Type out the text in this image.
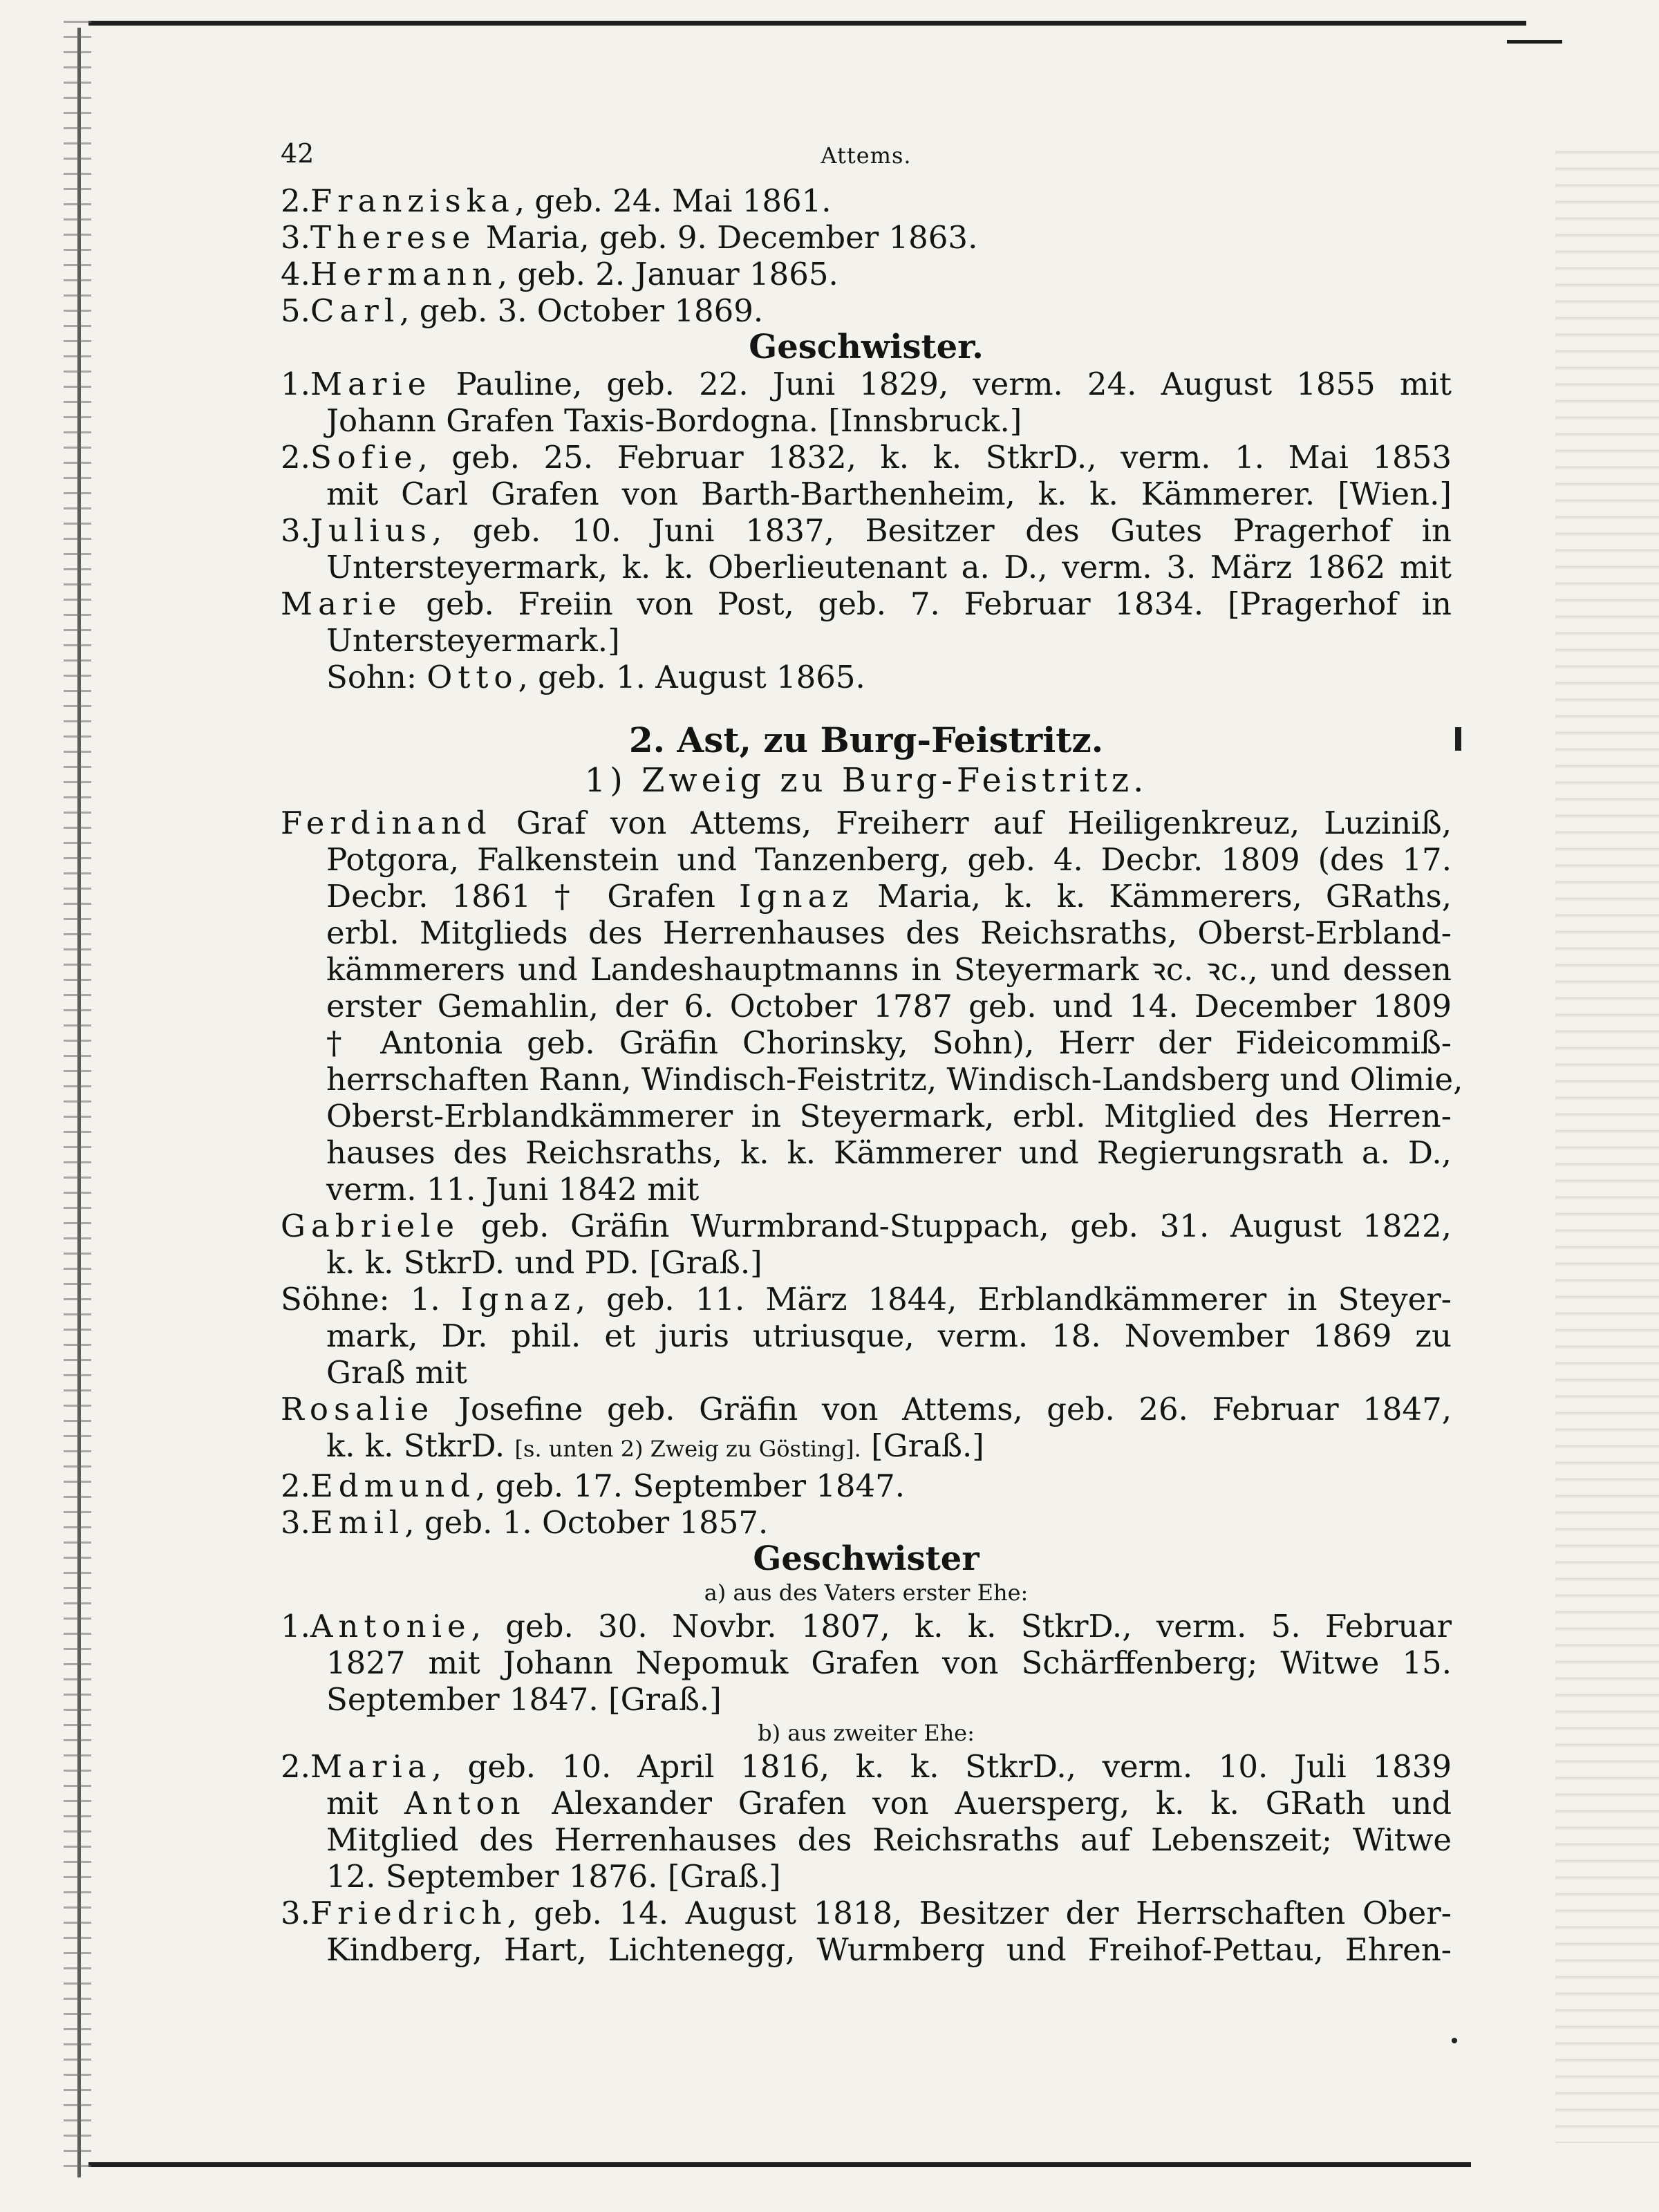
42	Attems.
2.Franziska, geb. 24. Mai 1861.
3.Therese Maria, geb. 9. December 1863.
4.Hermann, geb. 2. Januar 1865.
5.Carl, geb. 3. October 1869.
Geschwister.
1.Marie Pauline, geb. 22. Juni 1829, verm. 24. August 1855 mit
Johann Grafen Taxis-Bordogna. [Innsbruck.]
2.Sofie, geb. 25. Februar 1832, k. k. StkrD., verm. 1. Mai 1853
mit Carl Grafen von Barth-Barthenheim, k. k. Kämmerer. [Wien.]
3.Julius, geb. 10. Juni 1837, Besitzer des Gutes Pragerhof in
Untersteyermark, k. k. Oberlieutenant a. D., verm. 3. März 1862 mit
Marie geb. Freiin von Post, geb. 7. Februar 1834. [Pragerhof in
Untersteyermark.]
Sohn: Otto, geb. 1. August 1865.
2. Ast, zu Burg-Feistritz.
1) Zweig zu Burg-Feistritz.
Ferdinand Graf von Attems, Freiherr auf Heiligenkreuz, Luziniß,
Potgora, Falkenstein und Tanzenberg, geb. 4. Decbr. 1809 (des 17.
Decbr. 1861 † Grafen Ignaz Maria, k. k. Kämmerers, GRaths,
erbl. Mitglieds des Herrenhauses des Reichsraths, Oberst-Erbland-
kämmerers und Landeshauptmanns in Steyermark ꝛc. ꝛc., und dessen
erster Gemahlin, der 6. October 1787 geb. und 14. December 1809
† Antonia geb. Gräfin Chorinsky, Sohn), Herr der Fideicommiß-
herrschaften Rann, Windisch-Feistritz, Windisch-Landsberg und Olimie,
Oberst-Erblandkämmerer in Steyermark, erbl. Mitglied des Herren-
hauses des Reichsraths, k. k. Kämmerer und Regierungsrath a. D.,
verm. 11. Juni 1842 mit
Gabriele geb. Gräfin Wurmbrand-Stuppach, geb. 31. August 1822,
k. k. StkrD. und PD. [Graß.]
Söhne: 1. Ignaz, geb. 11. März 1844, Erblandkämmerer in Steyer-
mark, Dr. phil. et juris utriusque, verm. 18. November 1869 zu
Graß mit
Rosalie Josefine geb. Gräfin von Attems, geb. 26. Februar 1847,
k. k. StkrD. [s. unten 2) Zweig zu Gösting]. [Graß.]
2.Edmund, geb. 17. September 1847.
3.Emil, geb. 1. October 1857.
Geschwister
a) aus des Vaters erster Ehe:
1.Antonie, geb. 30. Novbr. 1807, k. k. StkrD., verm. 5. Februar
1827 mit Johann Nepomuk Grafen von Schärffenberg; Witwe 15.
September 1847. [Graß.]
b) aus zweiter Ehe:
2.Maria, geb. 10. April 1816, k. k. StkrD., verm. 10. Juli 1839
mit Anton Alexander Grafen von Auersperg, k. k. GRath und
Mitglied des Herrenhauses des Reichsraths auf Lebenszeit; Witwe
12. September 1876. [Graß.]
3.Friedrich, geb. 14. August 1818, Besitzer der Herrschaften Ober-
Kindberg, Hart, Lichtenegg, Wurmberg und Freihof-Pettau, Ehren-
